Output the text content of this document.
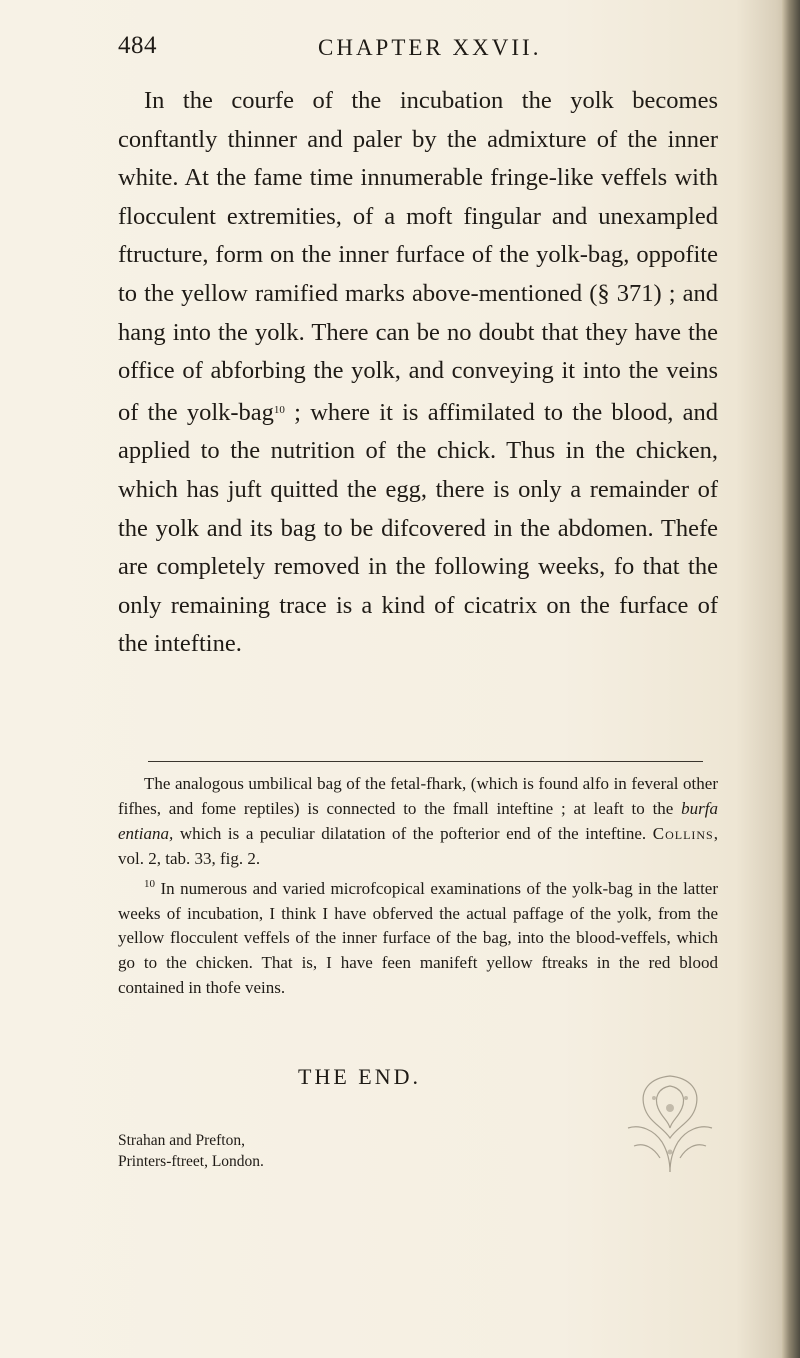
484	CHAPTER XXVII.

In the courfe of the incubation the yolk becomes conftantly thinner and paler by the admixture of the inner white. At the fame time innumerable fringe-like veffels with flocculent extremities, of a moft fingular and unexampled ftructure, form on the inner furface of the yolk-bag, oppofite to the yellow ramified marks above-mentioned (§ 371) ; and hang into the yolk. There can be no doubt that they have the office of abforbing the yolk, and conveying it into the veins of the yolk-bag$^{10}$ ; where it is affimilated to the blood, and applied to the nutrition of the chick. Thus in the chicken, which has juft quitted the egg, there is only a remainder of the yolk and its bag to be difcovered in the abdomen. Thefe are completely removed in the following weeks, fo that the only remaining trace is a kind of cicatrix on the furface of the inteftine.

The analogous umbilical bag of the fetal-fhark, (which is found alfo in feveral other fifhes, and fome reptiles) is connected to the fmall inteftine ; at leaft to the burfa entiana, which is a peculiar dilatation of the pofterior end of the inteftine. Collins, vol. 2, tab. 33, fig. 2.

$^{10}$ In numerous and varied microfcopical examinations of the yolk-bag in the latter weeks of incubation, I think I have obferved the actual paffage of the yolk, from the yellow flocculent veffels of the inner furface of the bag, into the blood-veffels, which go to the chicken. That is, I have feen manifeft yellow ftreaks in the red blood contained in thofe veins.

THE END.
Strahan and Prefton,
Printers-ftreet, London.
